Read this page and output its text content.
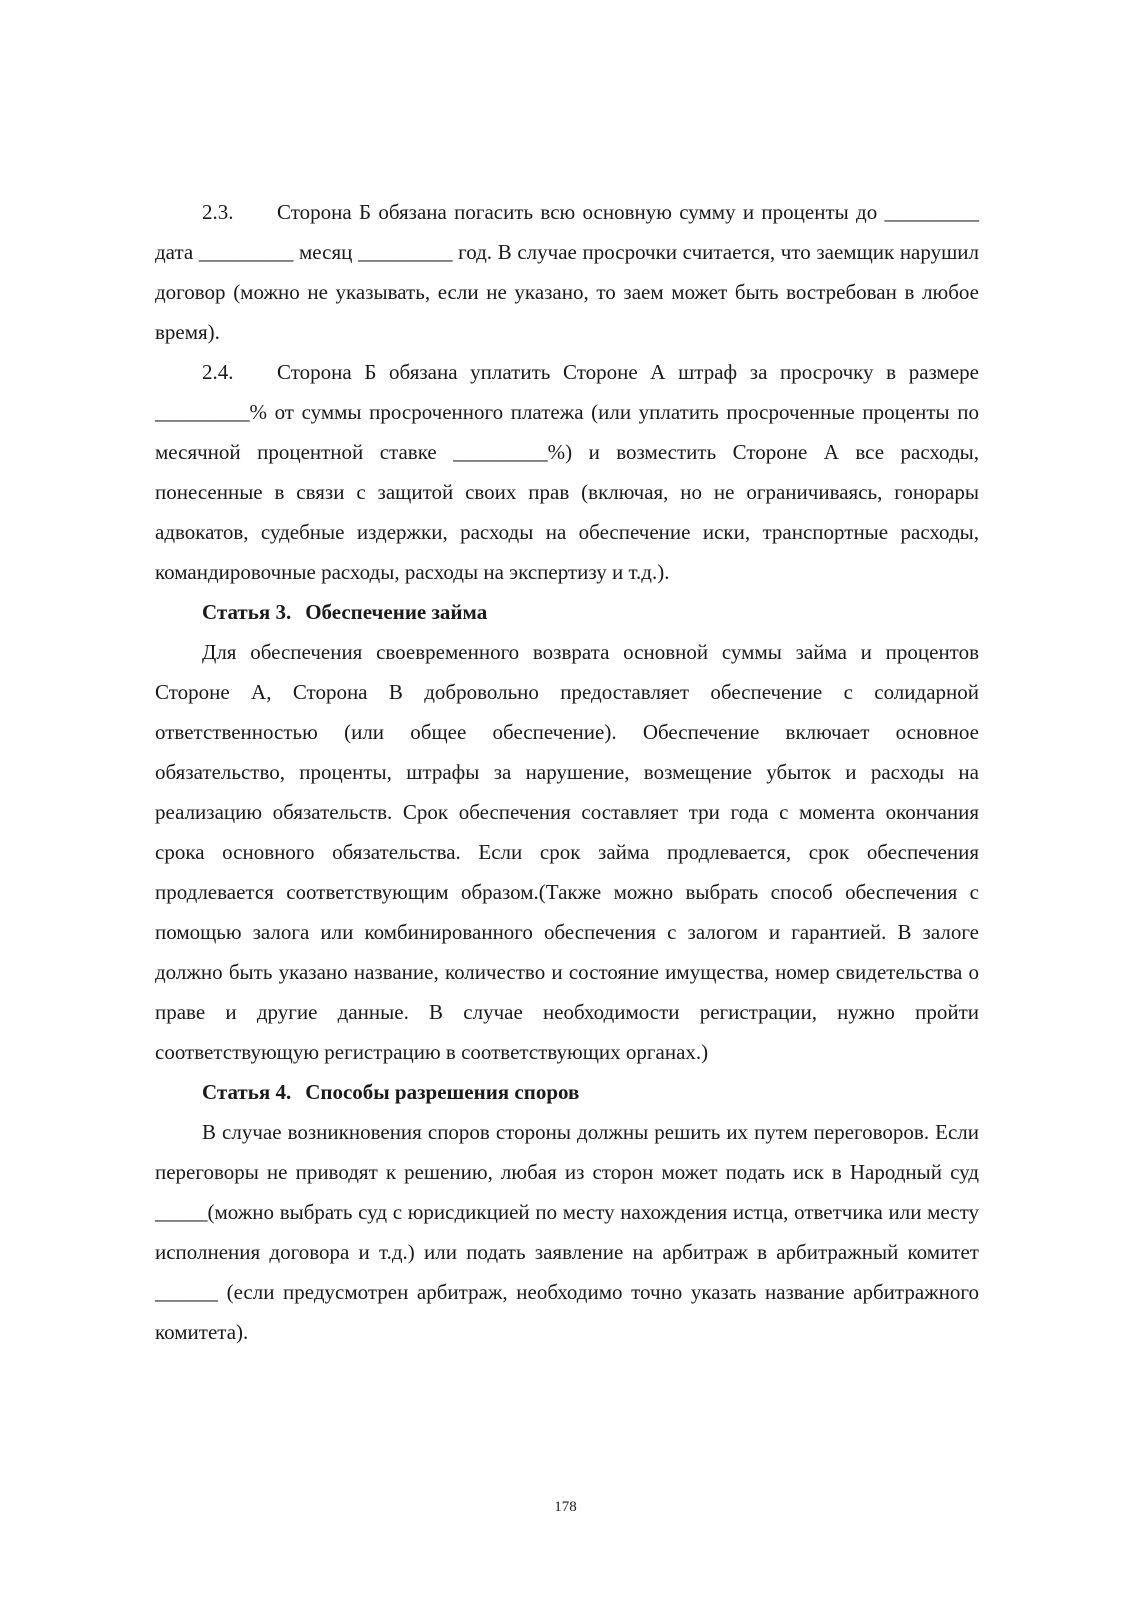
2.3. Сторона Б обязана погасить всю основную сумму и проценты до _________ дата _________ месяц _________ год. В случае просрочки считается, что заемщик нарушил договор (можно не указывать, если не указано, то заем может быть востребован в любое время).

2.4. Сторона Б обязана уплатить Стороне А штраф за просрочку в размере _________% от суммы просроченного платежа (или уплатить просроченные проценты по месячной процентной ставке _________%) и возместить Стороне А все расходы, понесенные в связи с защитой своих прав (включая, но не ограничиваясь, гонорары адвокатов, судебные издержки, расходы на обеспечение иски, транспортные расходы, командировочные расходы, расходы на экспертизу и т.д.).

Статья 3. Обеспечение займа

Для обеспечения своевременного возврата основной суммы займа и процентов Стороне А, Сторона В добровольно предоставляет обеспечение с солидарной ответственностью (или общее обеспечение). Обеспечение включает основное обязательство, проценты, штрафы за нарушение, возмещение убыток и расходы на реализацию обязательств. Срок обеспечения составляет три года с момента окончания срока основного обязательства. Если срок займа продлевается, срок обеспечения продлевается соответствующим образом.(Также можно выбрать способ обеспечения с помощью залога или комбинированного обеспечения с залогом и гарантией. В залоге должно быть указано название, количество и состояние имущества, номер свидетельства о праве и другие данные. В случае необходимости регистрации, нужно пройти соответствующую регистрацию в соответствующих органах.)

Статья 4. Способы разрешения споров

В случае возникновения споров стороны должны решить их путем переговоров. Если переговоры не приводят к решению, любая из сторон может подать иск в Народный суд _____(можно выбрать суд с юрисдикцией по месту нахождения истца, ответчика или месту исполнения договора и т.д.) или подать заявление на арбитраж в арбитражный комитет ______ (если предусмотрен арбитраж, необходимо точно указать название арбитражного комитета).

178
